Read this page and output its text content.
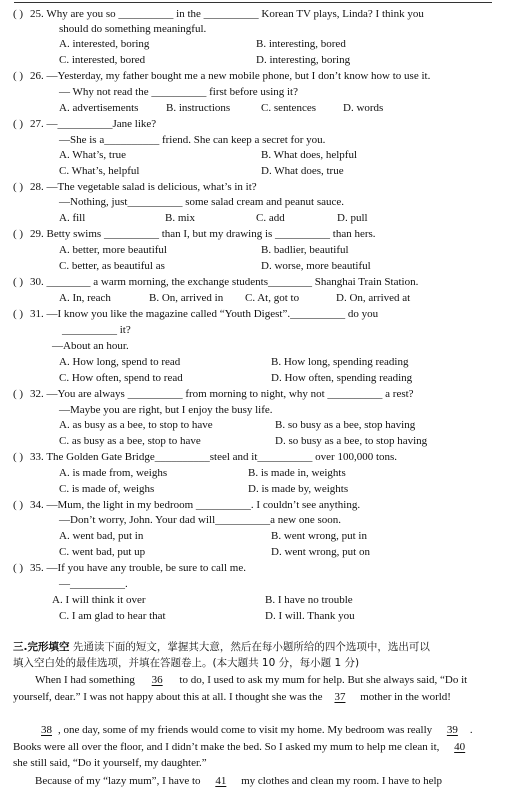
( ) 25. Why are you so __________ in the __________ Korean TV plays, Linda? I think you
should do something meaningful.
A. interested, boring	B. interesting, bored
C. interested, bored	D. interesting, boring
( ) 26. —Yesterday, my father bought me a new mobile phone, but I don’t know how to use it.
— Why not read the __________ first before using it?
A. advertisements	B. instructions	C. sentences D. words
( ) 27. —__________Jane like?
—She is a__________ friend. She can keep a secret for you.
A. What’s, true	B. What does, helpful
C. What’s, helpful	D. What does, true
( ) 28. —The vegetable salad is delicious, what’s in it?
—Nothing, just__________ some salad cream and peanut sauce.
A. fill	B. mix	C. add	D. pull
( ) 29. Betty swims __________ than I, but my drawing is __________ than hers.
A. better, more beautiful	B. badlier, beautiful
C. better, as beautiful as	D. worse, more beautiful
( ) 30. ________ a warm morning, the exchange students________ Shanghai Train Station.
A. In, reach	B. On, arrived in C. At, got to	D. On, arrived at
( ) 31. —I know you like the magazine called “Youth Digest”.__________ do you
__________ it?
—About an hour.
A. How long, spend to read	B. How long, spending reading
C. How often, spend to read	D. How often, spending reading
( ) 32. —You are always __________ from morning to night, why not __________ a rest?
—Maybe you are right, but I enjoy the busy life.
A. as busy as a bee, to stop to have	B. so busy as a bee, stop having
C. as busy as a bee, stop to have	D. so busy as a bee, to stop having
( ) 33. The Golden Gate Bridge__________steel and it__________ over 100,000 tons.
A. is made from, weighs	B. is made in, weights
C. is made of, weighs	D. is made by, weights
( ) 34. —Mum, the light in my bedroom __________. I couldn’t see anything.
—Don’t worry, John. Your dad will__________a new one soon.
A. went bad, put in	B. went wrong, put in
C. went bad, put up	D. went wrong, put on
( ) 35. —If you have any trouble, be sure to call me.
—__________.
A. I will think it over	B. I have no trouble
C. I am glad to hear that	D. I will. Thank you
三.完形填空 先通读下面的短文，掌握其大意，然后在每小题所给的四个选项中，选出可以
填入空白处的最佳选项，并填在答题卷上。(本大题共 10 分，每小题 1 分)
When I had something 36 to do, I used to ask my mum for help. But she always said, “Do it yourself, dear.” I was not happy about this at all. I thought she was the 37 mother in the world!
38 , one day, some of my friends would come to visit my home. My bedroom was really 39 . Books were all over the floor, and I didn’t make the bed. So I asked my mum to help me clean it, 40 she still said, “Do it yourself, my daughter.”
Because of my “lazy mum”, I have to 41 my clothes and clean my room. I have to help
